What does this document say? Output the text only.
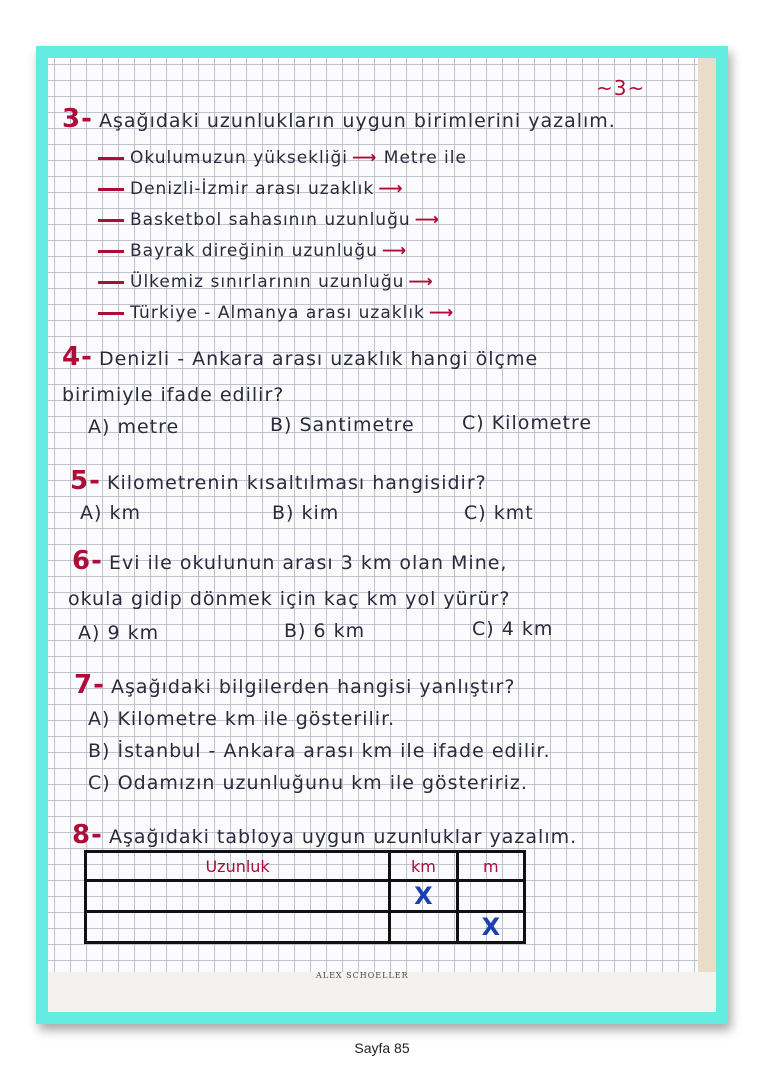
~3~
3- Aşağıdaki uzunlukların uygun birimlerini yazalım.
Okulumuzun yüksekliği ⟶ Metre ile
Denizli-İzmir arası uzaklık ⟶
Basketbol sahasının uzunluğu ⟶
Bayrak direğinin uzunluğu ⟶
Ülkemiz sınırlarının uzunluğu ⟶
Türkiye - Almanya arası uzaklık ⟶
4- Denizli - Ankara arası uzaklık hangi ölçme
birimiyle ifade edilir?
A) metre	B) Santimetre C) Kilometre
5- Kilometrenin kısaltılması hangisidir?
A) km	B) kim	C) kmt
6- Evi ile okulunun arası 3 km olan Mine,
okula gidip dönmek için kaç km yol yürür?
A) 9 km	B) 6 km	C) 4 km
7- Aşağıdaki bilgilerden hangisi yanlıştır?
A) Kilometre km ile gösterilir.
B) İstanbul - Ankara arası km ile ifade edilir.
C) Odamızın uzunluğunu km ile gösteririz.
8- Aşağıdaki tabloya uygun uzunluklar yazalım.
Uzunluk	km	m
	X	
		X
ALEX SCHOELLER
Sayfa 85
